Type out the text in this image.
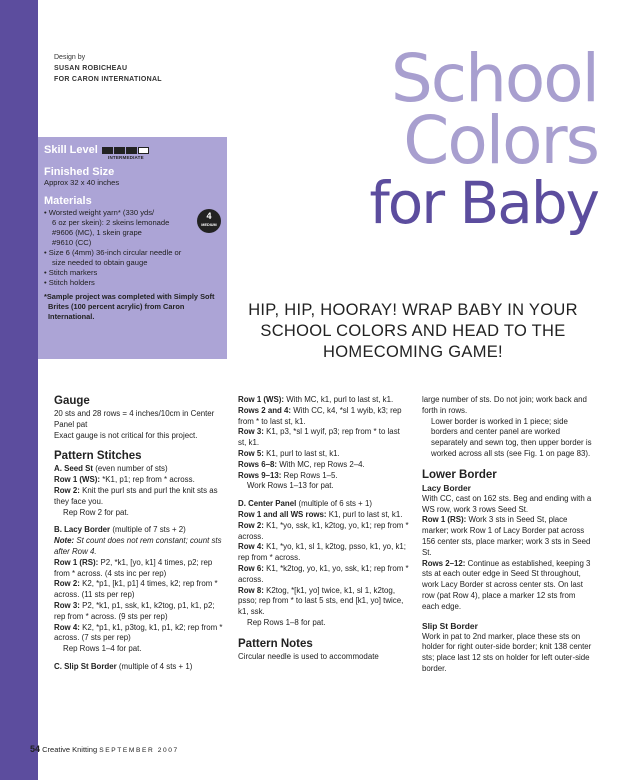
Design by
SUSAN ROBICHEAU
FOR CARON INTERNATIONAL	School
Colors
for Baby

Skill Level

INTERMEDIATE

Finished Size

Approx 32 x 40 inches

Materials

• Worsted weight yarn* (330 yds/
6 oz per skein): 2 skeins lemonade
#9606 (MC), 1 skein grape
#9610 (CC)
• Size 6 (4mm) 36-inch circular needle or
size needed to obtain gauge
• Stitch markers
• Stitch holders
*Sample project was completed with Simply Soft Brites (100 percent acrylic) from Caron International.
4
MEDIUM
HIP, HIP, HOORAY! WRAP BABY IN YOUR SCHOOL COLORS AND HEAD TO THE HOMECOMING GAME!
Gauge

20 sts and 28 rows = 4 inches/10cm in Center Panel pat

Exact gauge is not critical for this project.

Pattern Stitches

A. Seed St (even number of sts)

Row 1 (WS): *K1, p1; rep from * across.

Row 2: Knit the purl sts and purl the knit sts as they face you.

Rep Row 2 for pat.

B. Lacy Border (multiple of 7 sts + 2)

Note: St count does not rem constant; count sts after Row 4.

Row 1 (RS): P2, *k1, [yo, k1] 4 times, p2; rep from * across. (4 sts inc per rep)

Row 2: K2, *p1, [k1, p1] 4 times, k2; rep from * across. (11 sts per rep)

Row 3: P2, *k1, p1, ssk, k1, k2tog, p1, k1, p2; rep from * across. (9 sts per rep)

Row 4: K2, *p1, k1, p3tog, k1, p1, k2; rep from * across. (7 sts per rep)

Rep Rows 1–4 for pat.

C. Slip St Border (multiple of 4 sts + 1)

Row 1 (WS): With MC, k1, purl to last st, k1.

Rows 2 and 4: With CC, k4, *sl 1 wyib, k3; rep from * to last st, k1.

Row 3: K1, p3, *sl 1 wyif, p3; rep from * to last st, k1.

Row 5: K1, purl to last st, k1.

Rows 6–8: With MC, rep Rows 2–4.

Rows 9–13: Rep Rows 1–5.

Work Rows 1–13 for pat.

D. Center Panel (multiple of 6 sts + 1)

Row 1 and all WS rows: K1, purl to last st, k1.

Row 2: K1, *yo, ssk, k1, k2tog, yo, k1; rep from * across.

Row 4: K1, *yo, k1, sl 1, k2tog, psso, k1, yo, k1; rep from * across.

Row 6: K1, *k2tog, yo, k1, yo, ssk, k1; rep from * across.

Row 8: K2tog, *[k1, yo] twice, k1, sl 1, k2tog, psso; rep from * to last 5 sts, end [k1, yo] twice, k1, ssk.

Rep Rows 1–8 for pat.

Pattern Notes

Circular needle is used to accommodate

large number of sts. Do not join; work back and forth in rows.

Lower border is worked in 1 piece; side borders and center panel are worked separately and sewn tog, then upper border is worked across all sts (see Fig. 1 on page 83).

Lower Border
Lacy Border

With CC, cast on 162 sts. Beg and ending with a WS row, work 3 rows Seed St.

Row 1 (RS): Work 3 sts in Seed St, place marker; work Row 1 of Lacy Border pat across 156 center sts, place marker; work 3 sts in Seed St.

Rows 2–12: Continue as established, keeping 3 sts at each outer edge in Seed St throughout, work Lacy Border st across center sts. On last row (pat Row 4), place a marker 12 sts from each edge.

Slip St Border

Work in pat to 2nd marker, place these sts on holder for right outer-side border; knit 138 center sts; place last 12 sts on holder for left outer-side border.

54 Creative Knitting SEPTEMBER 2007
